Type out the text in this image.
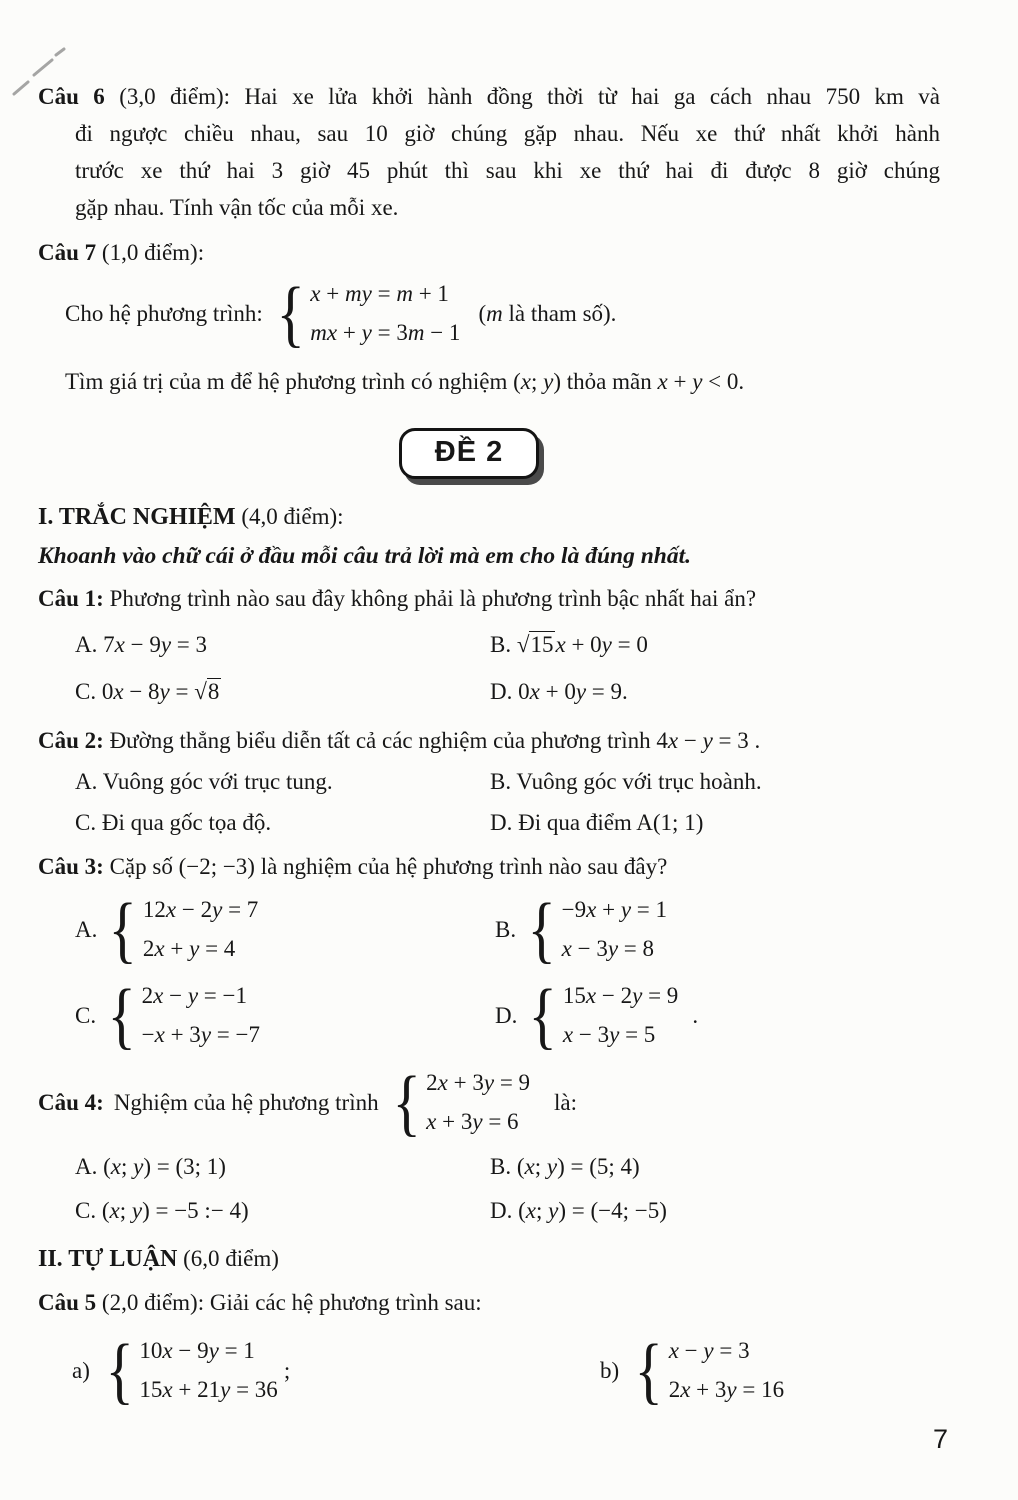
Câu 6 (3,0 điểm): Hai xe lửa khởi hành đồng thời từ hai ga cách nhau 750 km và
đi ngược chiều nhau, sau 10 giờ chúng gặp nhau. Nếu xe thứ nhất khởi hành
trước xe thứ hai 3 giờ 45 phút thì sau khi xe thứ hai đi được 8 giờ chúng
gặp nhau. Tính vận tốc của mỗi xe.
Câu 7 (1,0 điểm):
Cho hệ phương trình: { x + my = m + 1
mx + y = 3m − 1
(m là tham số).
Tìm giá trị của m để hệ phương trình có nghiệm (x; y) thỏa mãn x + y < 0.
ĐỀ 2
I. TRẮC NGHIỆM (4,0 điểm):
Khoanh vào chữ cái ở đầu mỗi câu trả lời mà em cho là đúng nhất.
Câu 1: Phương trình nào sau đây không phải là phương trình bậc nhất hai ẩn?
A. 7x − 9y = 3	B. √15x + 0y = 0
C. 0x − 8y = √8	D. 0x + 0y = 9.
Câu 2: Đường thẳng biểu diễn tất cả các nghiệm của phương trình 4x − y = 3 .
A. Vuông góc với trục tung.	B. Vuông góc với trục hoành.
C. Đi qua gốc tọa độ.	D. Đi qua điểm A(1; 1)
Câu 3: Cặp số (−2; −3) là nghiệm của hệ phương trình nào sau đây?
A. { 12x − 2y = 7
2x + y = 4
B. { −9x + y = 1
x − 3y = 8
C. { 2x − y = −1
−x + 3y = −7
D. { 15x − 2y = 9
x − 3y = 5
.
Câu 4: Nghiệm của hệ phương trình { 2x + 3y = 9
x + 3y = 6
là:
A. (x; y) = (3; 1)	B. (x; y) = (5; 4)
C. (x; y) = −5 :− 4)	D. (x; y) = (−4; −5)
II. TỰ LUẬN (6,0 điểm)
Câu 5 (2,0 điểm): Giải các hệ phương trình sau:
a) { 10x − 9y = 1
15x + 21y = 36
;	b) { x − y = 3
2x + 3y = 16
7
